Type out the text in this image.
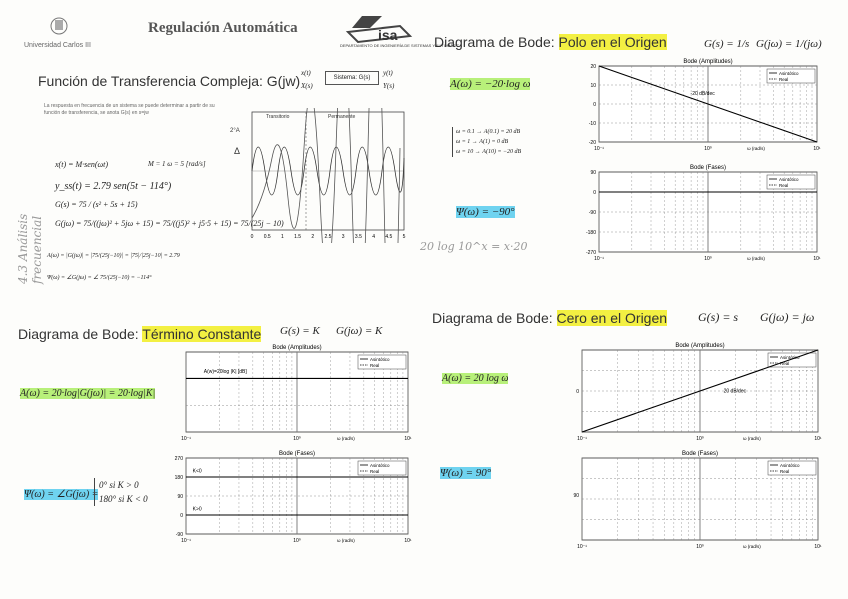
Universidad Carlos III
Regulación Automática	isa
DEPARTAMENTO DE INGENIERÍA DE SISTEMAS Y AUTOMÁTICA
Función de Transferencia Compleja: G(jw) x(t)
X(s)
Sistema: G(s)
y(t)
Y(s)
La respuesta en frecuencia de un sistema se puede determinar a partir de su función de transferencia, se anota G(s) en s=jw
x(t) = M·sen(ωt)	M = 1 ω = 5 [rad/s]
y_ss(t) = 2.79 sen(5t − 114°)
G(s) = 75 / (s² + 5s + 15)
G(jω) = 75/((jω)² + 5jω + 15) = 75/((j5)² + j5·5 + 15) = 75/(25j − 10)
A(ω) = |G(jω)| = |75/(25j−10)| = |75|/|25j−10| = 2.79
Ψ(ω) = ∠G(jω) = ∠ 75/(25j−10) = −114°
4.3 Análisis frecuencial	0 0.5 1 1.5 2 2.5 3 3.5 4 4.5 5
Transitorio	Permanente
2°A
Δ
Diagrama de Bode: Polo en el Origen	G(s) = 1/s G(jω) = 1/(jω)
A(ω) = −20·log ω
ω = 0.1 → A(0.1) = 20 dB
ω = 1 → A(1) = 0 dB
ω = 10 → A(10) = −20 dB
Ψ(ω) = −90°
20 log 10^x = x·20
Bode (Amplitudes)
20
10
0
-10
-20
10⁻¹	10⁰	10¹
ω (rad/s)
Asintótico
Real
-20 dB/dec
Bode (Fases)
90
0
-90
-180
-270
10⁻¹	10⁰	10¹
ω (rad/s)
Asintótico
Real
Diagrama de Bode: Término Constante G(s) = K G(jω) = K
A(ω) = 20·log|G(jω)| = 20·log|K|
Ψ(ω) = ∠G(jω) =
0° si K > 0
180° si K < 0
Bode (Amplitudes)
10⁻¹	10⁰	10¹
ω (rad/s)
Asintótico
Real
A(w)=20log |K| [dB]
Bode (Fases)
270
180
90
0
-90
10⁻¹	10⁰	10¹
ω (rad/s)
Asintótico
Real
K<0
K>0
Diagrama de Bode: Cero en el Origen	G(s) = s G(jω) = jω
A(ω) = 20 log ω
Ψ(ω) = 90°
Bode (Amplitudes)
0
10⁻¹	10⁰	10¹
ω (rad/s)
Asintótico
Real
20 dB/dec
Bode (Fases)
90
10⁻¹	10⁰	10¹
ω (rad/s)
Asintótico
Real
